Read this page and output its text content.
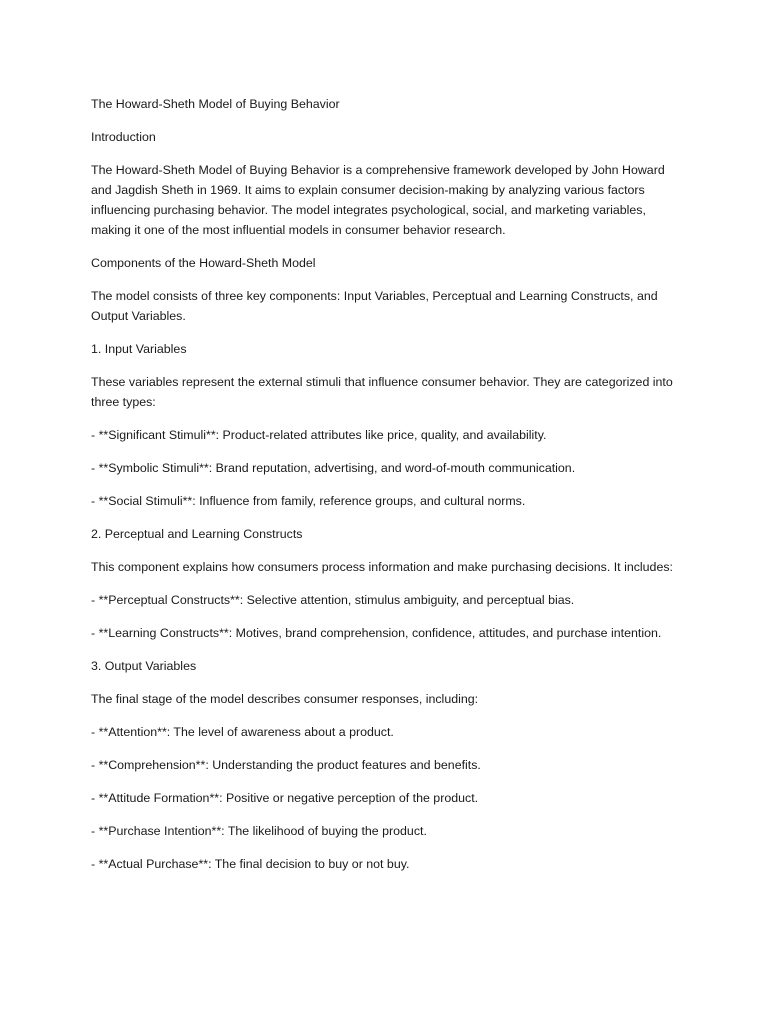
The Howard-Sheth Model of Buying Behavior

Introduction

The Howard-Sheth Model of Buying Behavior is a comprehensive framework developed by John Howard and Jagdish Sheth in 1969. It aims to explain consumer decision-making by analyzing various factors influencing purchasing behavior. The model integrates psychological, social, and marketing variables, making it one of the most influential models in consumer behavior research.

Components of the Howard-Sheth Model

The model consists of three key components: Input Variables, Perceptual and Learning Constructs, and Output Variables.

1. Input Variables

These variables represent the external stimuli that influence consumer behavior. They are categorized into three types:

- **Significant Stimuli**: Product-related attributes like price, quality, and availability.
- **Symbolic Stimuli**: Brand reputation, advertising, and word-of-mouth communication.
- **Social Stimuli**: Influence from family, reference groups, and cultural norms.

2. Perceptual and Learning Constructs

This component explains how consumers process information and make purchasing decisions. It includes:

- **Perceptual Constructs**: Selective attention, stimulus ambiguity, and perceptual bias.
- **Learning Constructs**: Motives, brand comprehension, confidence, attitudes, and purchase intention.

3. Output Variables

The final stage of the model describes consumer responses, including:

- **Attention**: The level of awareness about a product.
- **Comprehension**: Understanding the product features and benefits.
- **Attitude Formation**: Positive or negative perception of the product.
- **Purchase Intention**: The likelihood of buying the product.
- **Actual Purchase**: The final decision to buy or not buy.
